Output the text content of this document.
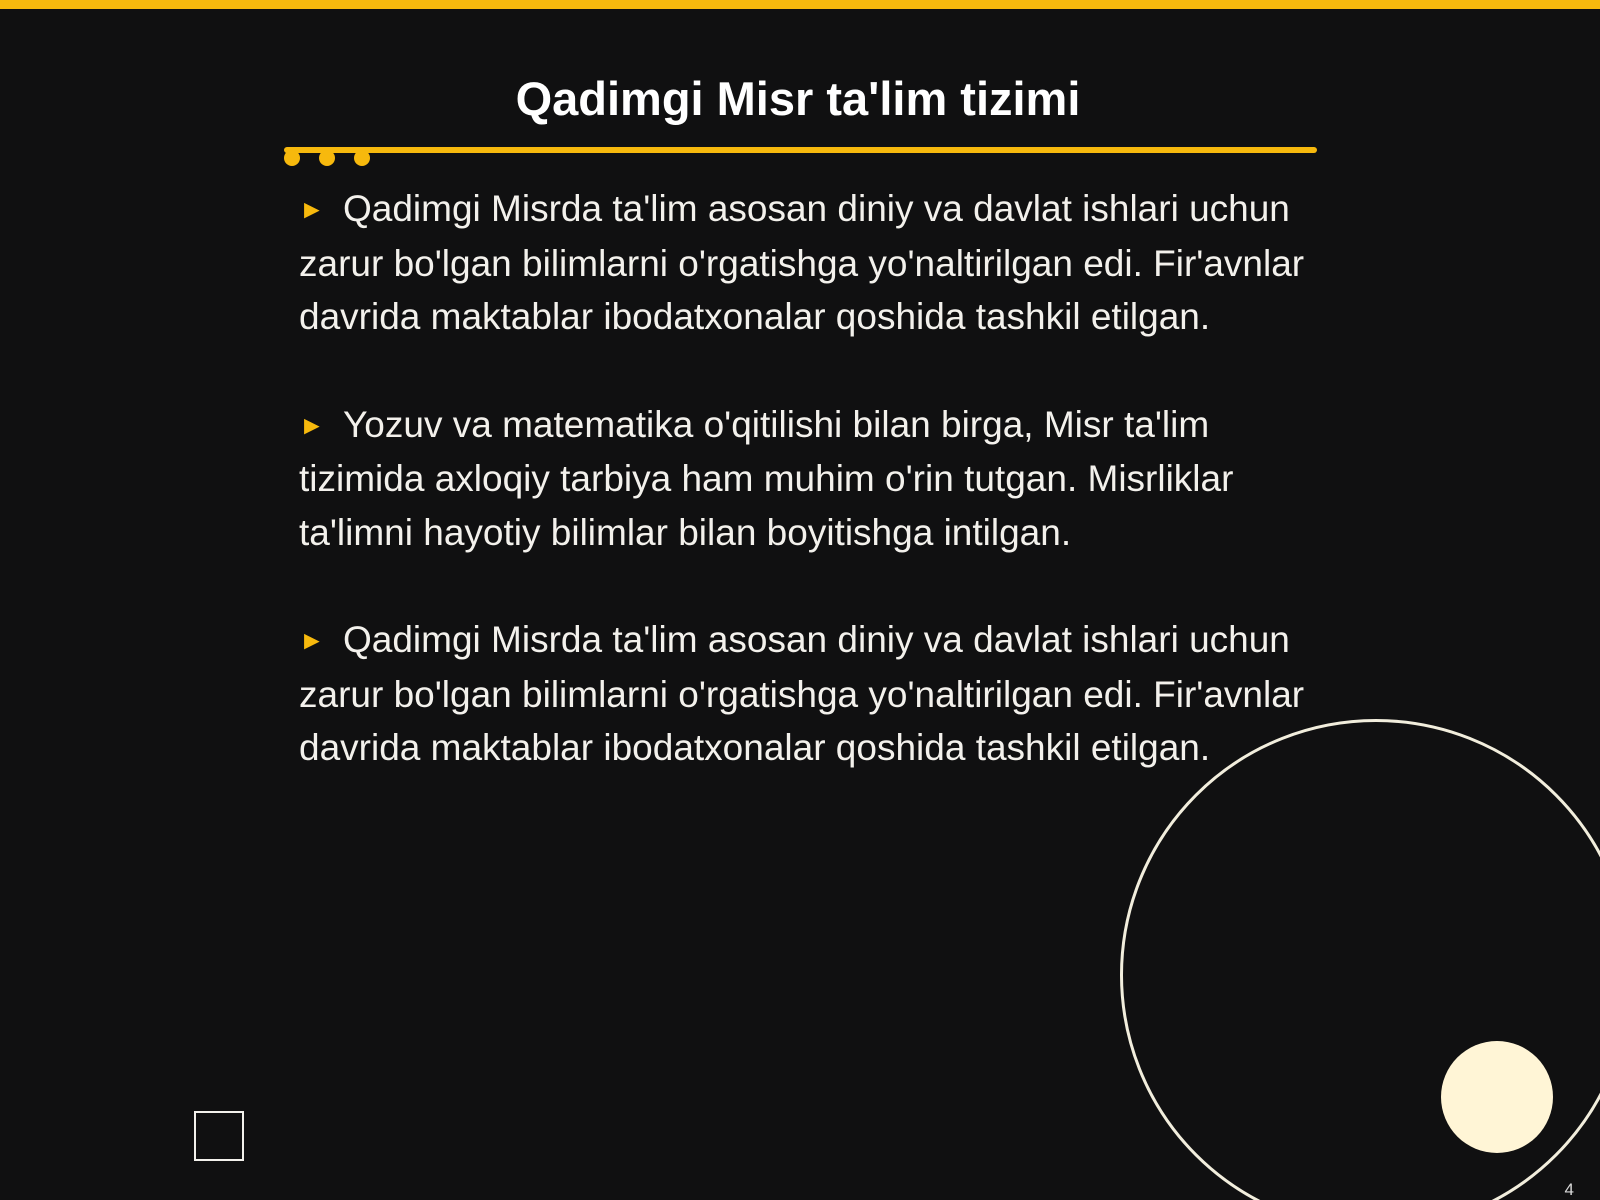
Qadimgi Misr ta'lim tizimi

► Qadimgi Misrda ta'lim asosan diniy va davlat ishlari uchun zarur bo'lgan bilimlarni o'rgatishga yo'naltirilgan edi. Fir'avnlar davrida maktablar ibodatxonalar qoshida tashkil etilgan.

► Yozuv va matematika o'qitilishi bilan birga, Misr ta'lim tizimida axloqiy tarbiya ham muhim o'rin tutgan. Misrliklar ta'limni hayotiy bilimlar bilan boyitishga intilgan.

► Qadimgi Misrda ta'lim asosan diniy va davlat ishlari uchun zarur bo'lgan bilimlarni o'rgatishga yo'naltirilgan edi. Fir'avnlar davrida maktablar ibodatxonalar qoshida tashkil etilgan.

4
